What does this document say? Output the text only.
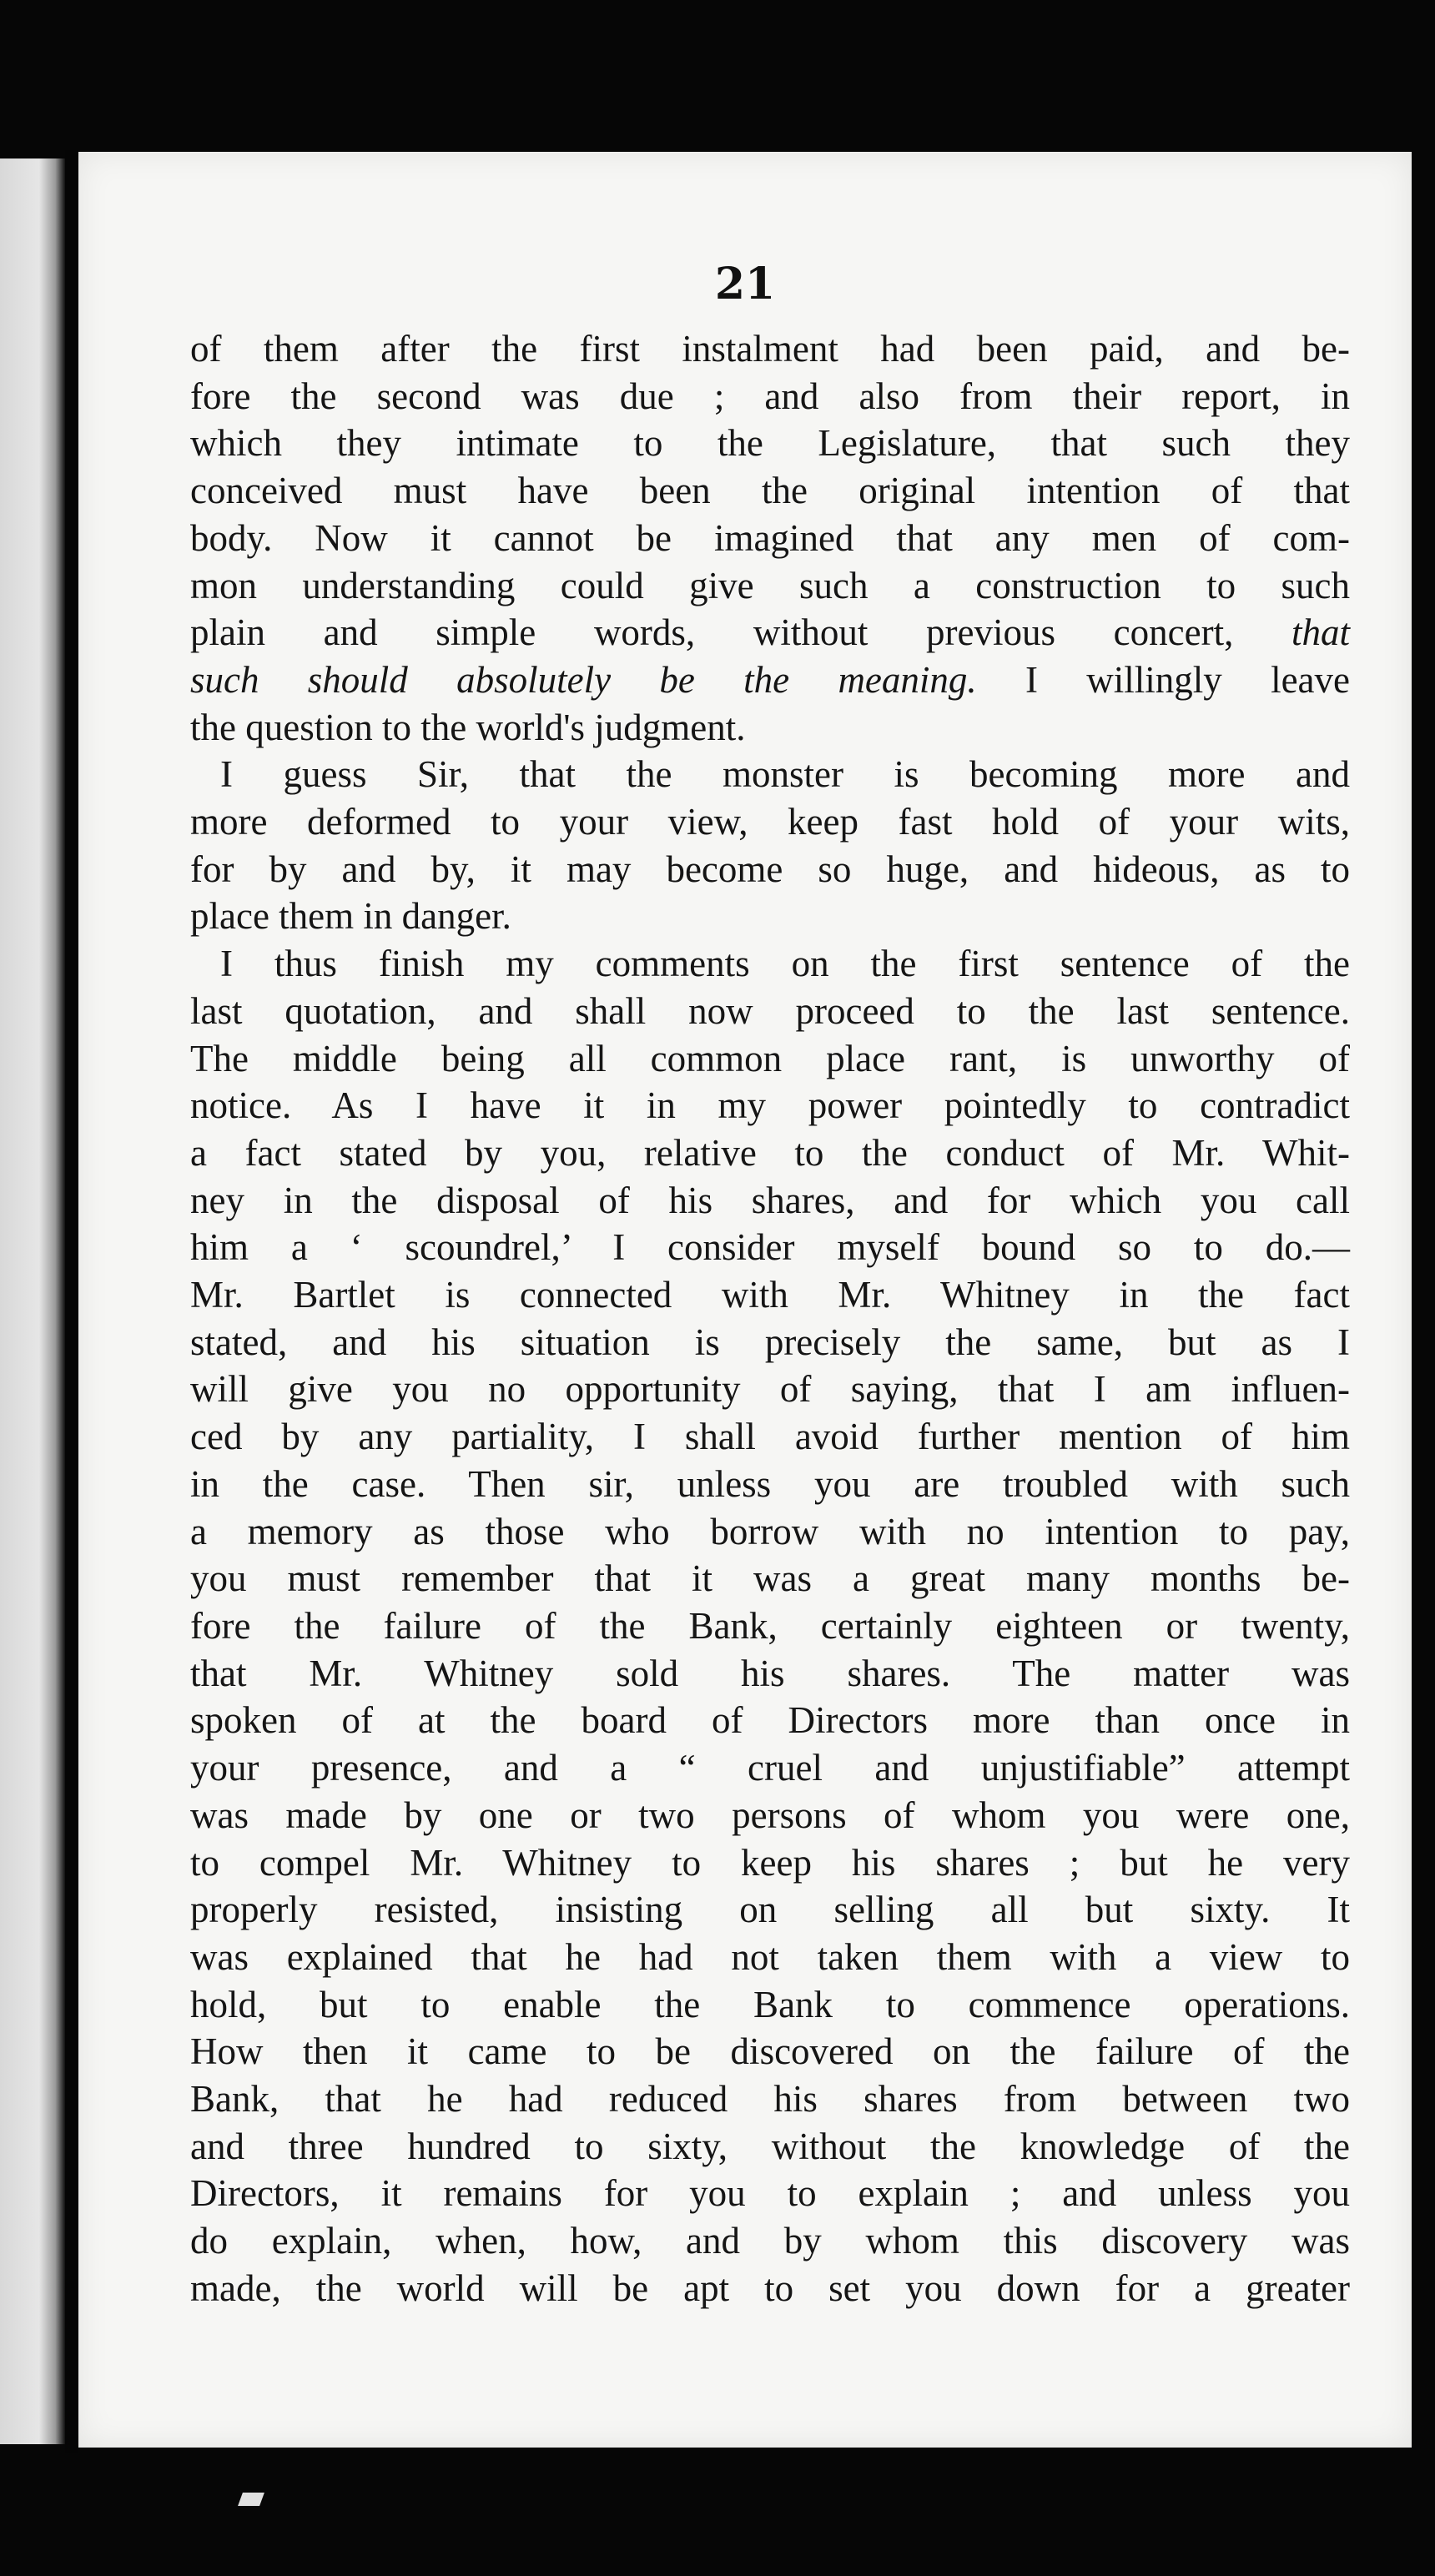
21

of them after the first instalment had been paid, and be-
fore the second was due ; and also from their report, in
which they intimate to the Legislature, that such they
conceived must have been the original intention of that
body. Now it cannot be imagined that any men of com-
mon understanding could give such a construction to such
plain and simple words, without previous concert, that
such should absolutely be the meaning. I willingly leave
the question to the world's judgment.

I guess Sir, that the monster is becoming more and
more deformed to your view, keep fast hold of your wits,
for by and by, it may become so huge, and hideous, as to
place them in danger.

I thus finish my comments on the first sentence of the
last quotation, and shall now proceed to the last sentence.
The middle being all common place rant, is unworthy of
notice. As I have it in my power pointedly to contradict
a fact stated by you, relative to the conduct of Mr. Whit-
ney in the disposal of his shares, and for which you call
him a ‘ scoundrel,’ I consider myself bound so to do.—
Mr. Bartlet is connected with Mr. Whitney in the fact
stated, and his situation is precisely the same, but as I
will give you no opportunity of saying, that I am influen-
ced by any partiality, I shall avoid further mention of him
in the case. Then sir, unless you are troubled with such
a memory as those who borrow with no intention to pay,
you must remember that it was a great many months be-
fore the failure of the Bank, certainly eighteen or twenty,
that Mr. Whitney sold his shares. The matter was
spoken of at the board of Directors more than once in
your presence, and a “ cruel and unjustifiable” attempt
was made by one or two persons of whom you were one,
to compel Mr. Whitney to keep his shares ; but he very
properly resisted, insisting on selling all but sixty. It
was explained that he had not taken them with a view to
hold, but to enable the Bank to commence operations.
How then it came to be discovered on the failure of the
Bank, that he had reduced his shares from between two
and three hundred to sixty, without the knowledge of the
Directors, it remains for you to explain ; and unless you
do explain, when, how, and by whom this discovery was
made, the world will be apt to set you down for a greater
